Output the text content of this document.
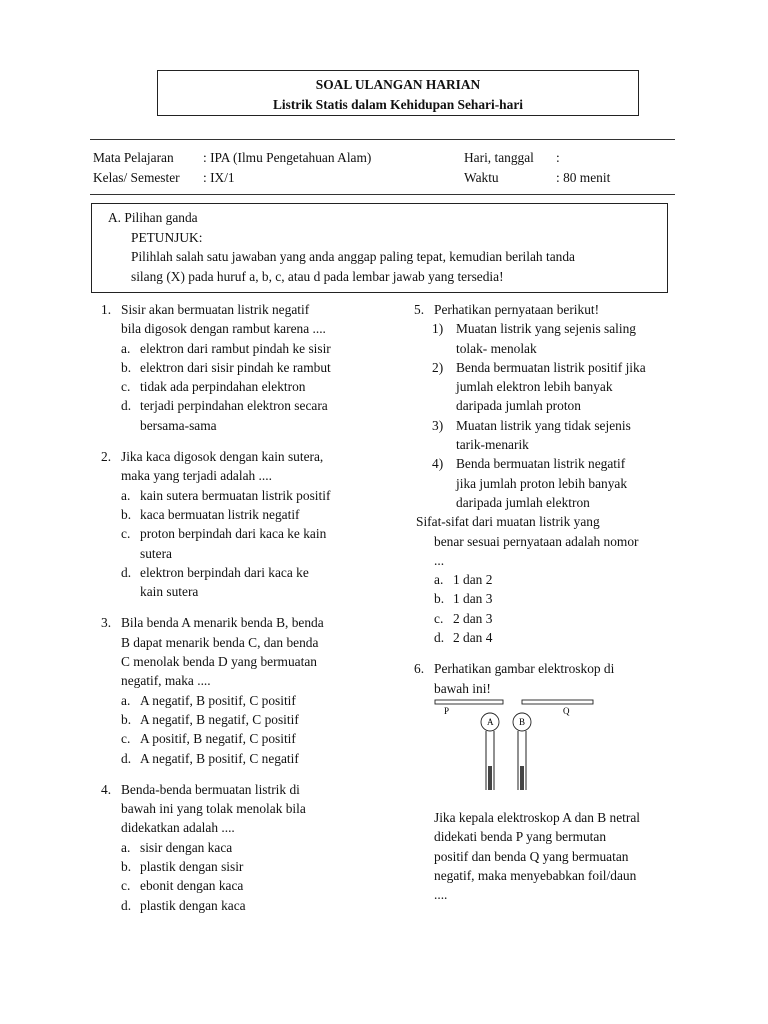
SOAL ULANGAN HARIAN
Listrik Statis dalam Kehidupan Sehari-hari
Mata Pelajaran : IPA (Ilmu Pengetahuan Alam)
Kelas/ Semester : IX/1
Hari, tanggal :
Waktu	: 80 menit
A. Pilihan ganda
PETUNJUK:
Pilihlah salah satu jawaban yang anda anggap paling tepat, kemudian berilah tanda
silang (X) pada huruf a, b, c, atau d pada lembar jawab yang tersedia!
1. Sisir akan bermuatan listrik negatif
bila digosok dengan rambut karena ....
a. elektron dari rambut pindah ke sisir
b. elektron dari sisir pindah ke rambut
c. tidak ada perpindahan elektron
d. terjadi perpindahan elektron secara
bersama-sama
2. Jika kaca digosok dengan kain sutera,
maka yang terjadi adalah ....
a. kain sutera bermuatan listrik positif
b. kaca bermuatan listrik negatif
c. proton berpindah dari kaca ke kain
sutera
d. elektron berpindah dari kaca ke
kain sutera
3. Bila benda A menarik benda B, benda
B dapat menarik benda C, dan benda
C menolak benda D yang bermuatan
negatif, maka ....
a. A negatif, B positif, C positif
b. A negatif, B negatif, C positif
c. A positif, B negatif, C positif
d. A negatif, B positif, C negatif
4. Benda-benda bermuatan listrik di
bawah ini yang tolak menolak bila
didekatkan adalah ....
a. sisir dengan kaca
b. plastik dengan sisir
c. ebonit dengan kaca
d. plastik dengan kaca
5. Perhatikan pernyataan berikut!
1) Muatan listrik yang sejenis saling
tolak- menolak
2) Benda bermuatan listrik positif jika
jumlah elektron lebih banyak
daripada jumlah proton
3) Muatan listrik yang tidak sejenis
tarik-menarik
4) Benda bermuatan listrik negatif
jika jumlah proton lebih banyak
daripada jumlah elektron
Sifat-sifat dari muatan listrik yang
benar sesuai pernyataan adalah nomor
...
a. 1 dan 2
b. 1 dan 3
c. 2 dan 3
d. 2 dan 4
6. Perhatikan gambar elektroskop di
bawah ini!
P	Q
A	B
Jika kepala elektroskop A dan B netral
didekati benda P yang bermutan
positif dan benda Q yang bermuatan
negatif, maka menyebabkan foil/daun
....
